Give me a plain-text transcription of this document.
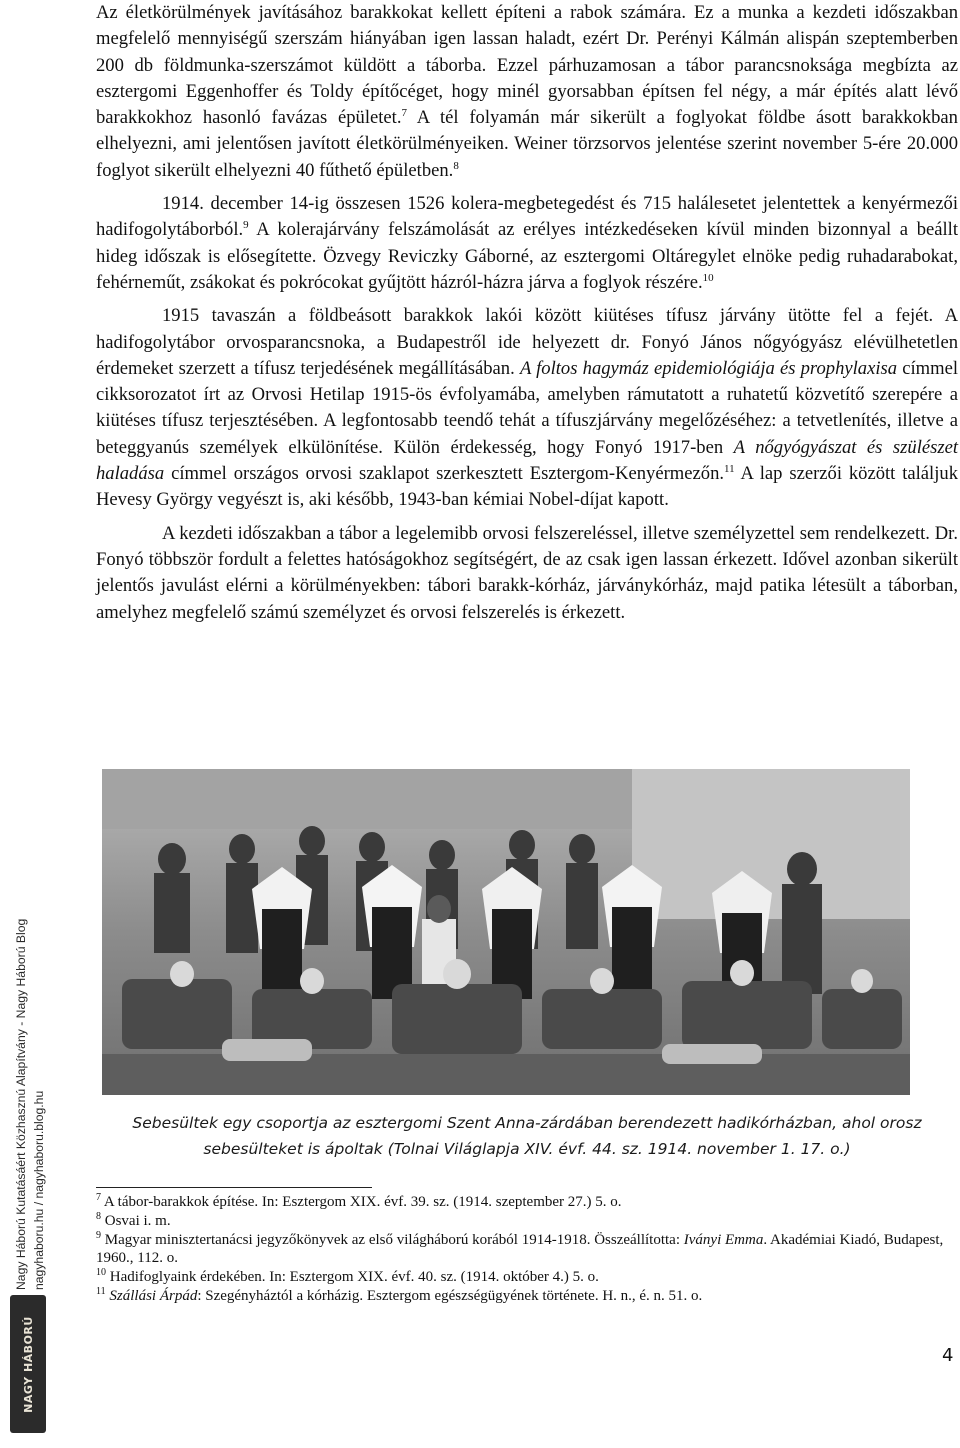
Az életkörülmények javításához barakkokat kellett építeni a rabok számára. Ez a munka a kezdeti időszakban megfelelő mennyiségű szerszám hiányában igen lassan haladt, ezért Dr. Perényi Kálmán alispán szeptemberben 200 db földmunka-szerszámot küldött a táborba. Ezzel párhuzamosan a tábor parancsnoksága megbízta az esztergomi Eggenhoffer és Toldy építőcéget, hogy minél gyorsabban építsen fel négy, a már építés alatt lévő barakkokhoz hasonló favázas épületet.$^7$ A tél folyamán már sikerült a foglyokat földbe ásott barakkokban elhelyezni, ami jelentősen javított életkörülményeiken. Weiner törzsorvos jelentése szerint november 5-ére 20.000 foglyot sikerült elhelyezni 40 fűthető épületben.$^8$

1914. december 14-ig összesen 1526 kolera-megbetegedést és 715 halálesetet jelentettek a kenyérmezői hadifogolytáborból.$^9$ A kolerajárvány felszámolását az erélyes intézkedéseken kívül minden bizonnyal a beállt hideg időszak is elősegítette. Özvegy Reviczky Gáborné, az esztergomi Oltáregylet elnöke pedig ruhadarabokat, fehérneműt, zsákokat és pokrócokat gyűjtött házról-házra járva a foglyok részére.$^{10}$

1915 tavaszán a földbeásott barakkok lakói között kiütéses tífusz járvány ütötte fel a fejét. A hadifogolytábor orvosparancsnoka, a Budapestről ide helyezett dr. Fonyó János nőgyógyász elévülhetetlen érdemeket szerzett a tífusz terjedésének megállításában. A foltos hagymáz epidemiológiája és prophylaxisa címmel cikksorozatot írt az Orvosi Hetilap 1915-ös évfolyamába, amelyben rámutatott a ruhatetű közvetítő szerepére a kiütéses tífusz terjesztésében. A legfontosabb teendő tehát a tífuszjárvány megelőzéséhez: a tetvetlenítés, illetve a beteggyanús személyek elkülönítése. Külön érdekesség, hogy Fonyó 1917-ben A nőgyógyászat és szülészet haladása címmel országos orvosi szaklapot szerkesztett Esztergom-Kenyérmezőn.$^{11}$ A lap szerzői között találjuk Hevesy György vegyészt is, aki később, 1943-ban kémiai Nobel-díjat kapott.

A kezdeti időszakban a tábor a legelemibb orvosi felszereléssel, illetve személyzettel sem rendelkezett. Dr. Fonyó többször fordult a felettes hatóságokhoz segítségért, de az csak igen lassan érkezett. Idővel azonban sikerült jelentős javulást elérni a körülményekben: tábori barakk-kórház, járványkórház, majd patika létesült a táborban, amelyhez megfelelő számú személyzet és orvosi felszerelés is érkezett.

Sebesültek egy csoportja az esztergomi Szent Anna-zárdában berendezett hadikórházban, ahol orosz
sebesülteket is ápoltak (Tolnai Világlapja XIV. évf. 44. sz. 1914. november 1. 17. o.)

$^7$ A tábor-barakkok építése. In: Esztergom XIX. évf. 39. sz. (1914. szeptember 27.) 5. o.

$^8$ Osvai i. m.

$^9$ Magyar minisztertanácsi jegyzőkönyvek az első világháború korából 1914-1918. Összeállította: Iványi Emma. Akadémiai Kiadó, Budapest, 1960., 112. o.

$^{10}$ Hadifoglyaink érdekében. In: Esztergom XIX. évf. 40. sz. (1914. október 4.) 5. o.

$^{11}$ Szállási Árpád: Szegényháztól a kórházig. Esztergom egészségügyének története. H. n., é. n. 51. o.

Nagy Háború Kutatásáért Közhasznú Alapítvány - Nagy Háború Blog nagyhaboru.hu / nagyhaboru.blog.hu
NAGY HÁBORÚ	4
